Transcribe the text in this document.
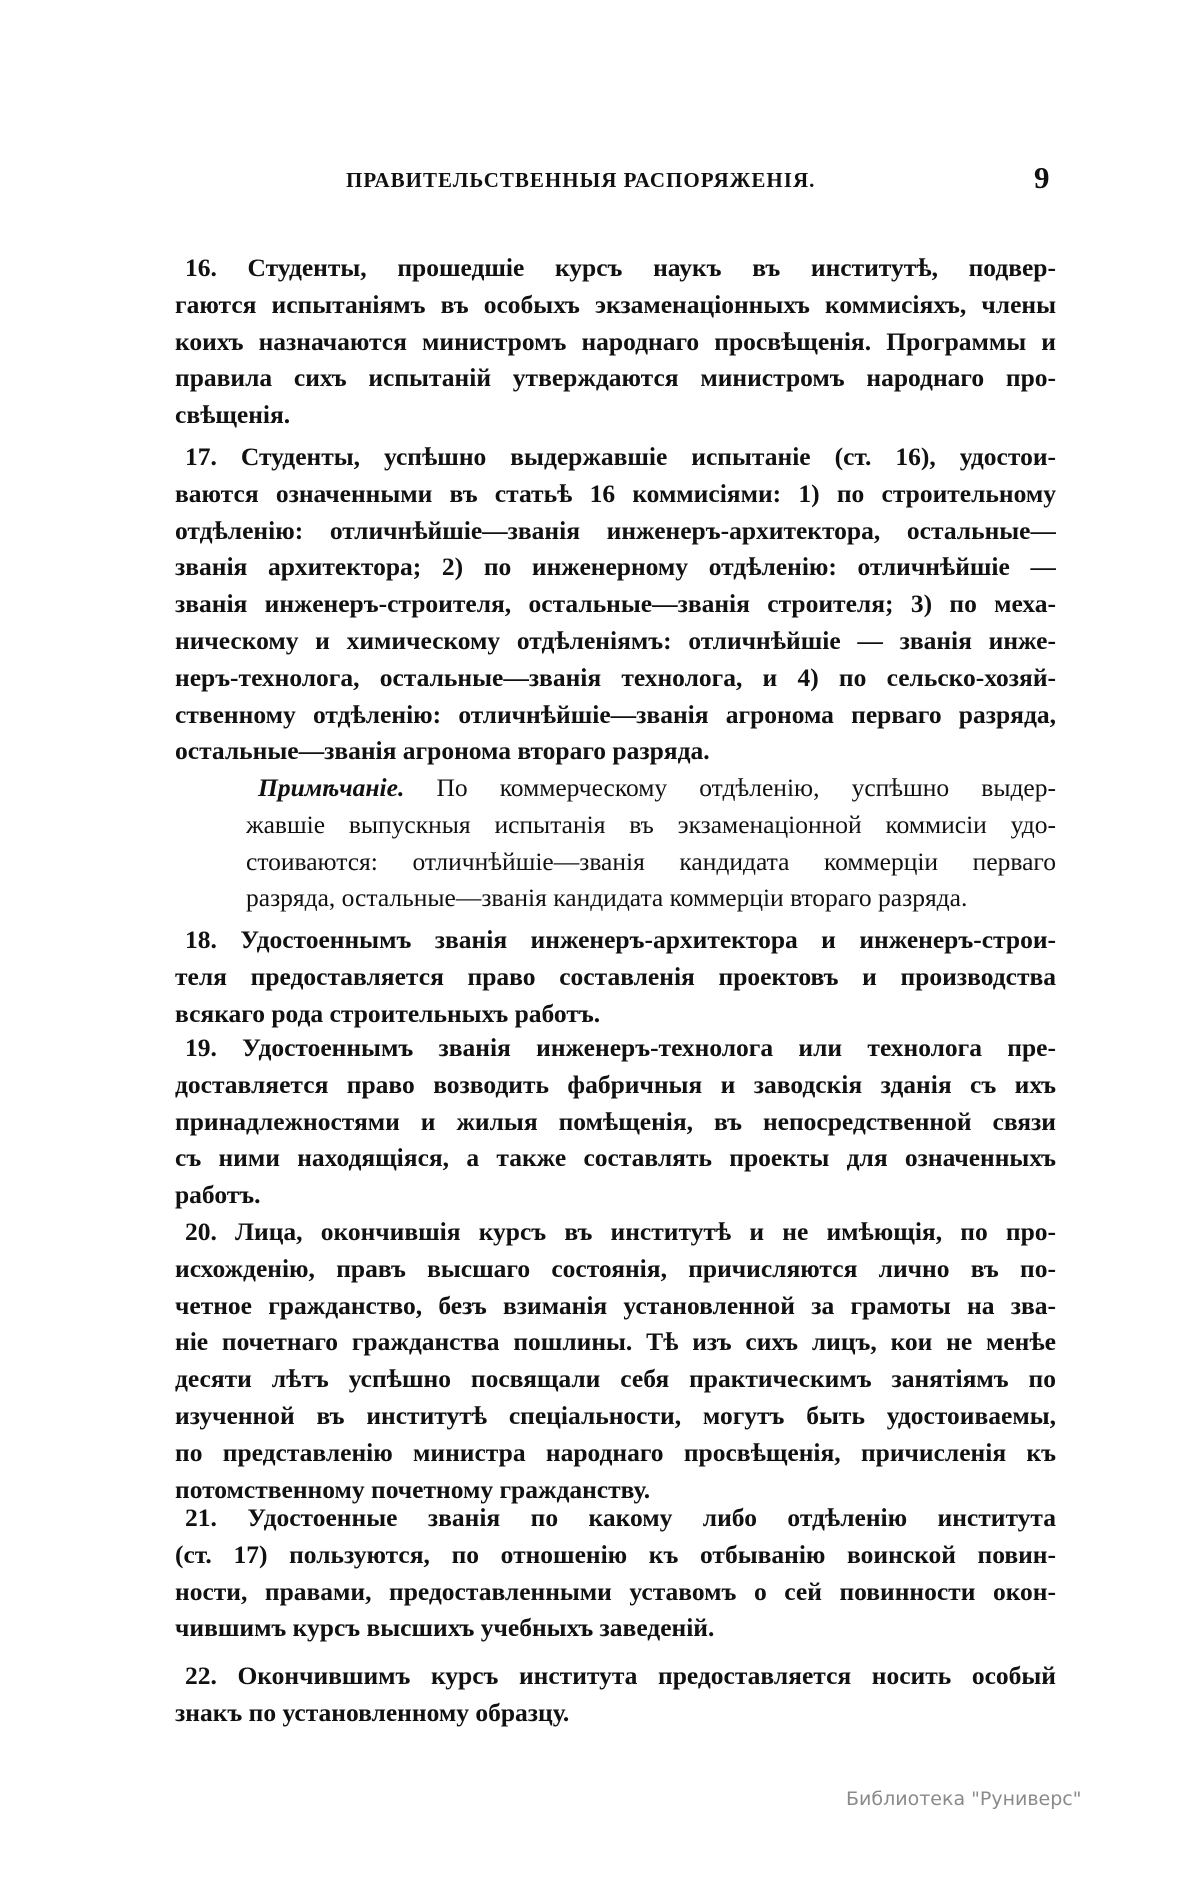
ПРАВИТЕЛЬСТВЕННЫЯ РАСПОРЯЖЕНІЯ.	9
16. Студенты, прошедшіе курсъ наукъ въ институтѣ, подвер-
гаются испытаніямъ въ особыхъ экзаменаціонныхъ коммисіяхъ, члены
коихъ назначаются министромъ народнаго просвѣщенія. Программы и
правила сихъ испытаній утверждаются министромъ народнаго про-
свѣщенія.
17. Студенты, успѣшно выдержавшіе испытаніе (ст. 16), удостои-
ваются означенными въ статьѣ 16 коммисіями: 1) по строительному
отдѣленію: отличнѣйшіе—званія инженеръ-архитектора, остальные—
званія архитектора; 2) по инженерному отдѣленію: отличнѣйшіе —
званія инженеръ-строителя, остальные—званія строителя; 3) по меха-
ническому и химическому отдѣленіямъ: отличнѣйшіе — званія инже-
неръ-технолога, остальные—званія технолога, и 4) по сельско-хозяй-
ственному отдѣленію: отличнѣйшіе—званія агронома перваго разряда,
остальные—званія агронома втораго разряда.
18. Удостоеннымъ званія инженеръ-архитектора и инженеръ-строи-
теля предоставляется право составленія проектовъ и производства
всякаго рода строительныхъ работъ.
19. Удостоеннымъ званія инженеръ-технолога или технолога пре-
доставляется право возводить фабричныя и заводскія зданія съ ихъ
принадлежностями и жилыя помѣщенія, въ непосредственной связи
съ ними находящіяся, а также составлять проекты для означенныхъ
работъ.
20. Лица, окончившія курсъ въ институтѣ и не имѣющія, по про-
исхожденію, правъ высшаго состоянія, причисляются лично въ по-
четное гражданство, безъ взиманія установленной за грамоты на зва-
ніе почетнаго гражданства пошлины. Тѣ изъ сихъ лицъ, кои не менѣе
десяти лѣтъ успѣшно посвящали себя практическимъ занятіямъ по
изученной въ институтѣ спеціальности, могутъ быть удостоиваемы,
по представленію министра народнаго просвѣщенія, причисленія къ
потомственному почетному гражданству.
21. Удостоенные званія по какому либо отдѣленію института
(ст. 17) пользуются, по отношенію къ отбыванію воинской повин-
ности, правами, предоставленными уставомъ о сей повинности окон-
чившимъ курсъ высшихъ учебныхъ заведеній.
22. Окончившимъ курсъ института предоставляется носить особый
знакъ по установленному образцу.
Примѣчаніе. По коммерческому отдѣленію, успѣшно выдер-
жавшіе выпускныя испытанія въ экзаменаціонной коммисіи удо-
стоиваются: отличнѣйшіе—званія кандидата коммерціи перваго
разряда, остальные—званія кандидата коммерціи втораго разряда.
Библиотека "Руниверс"
